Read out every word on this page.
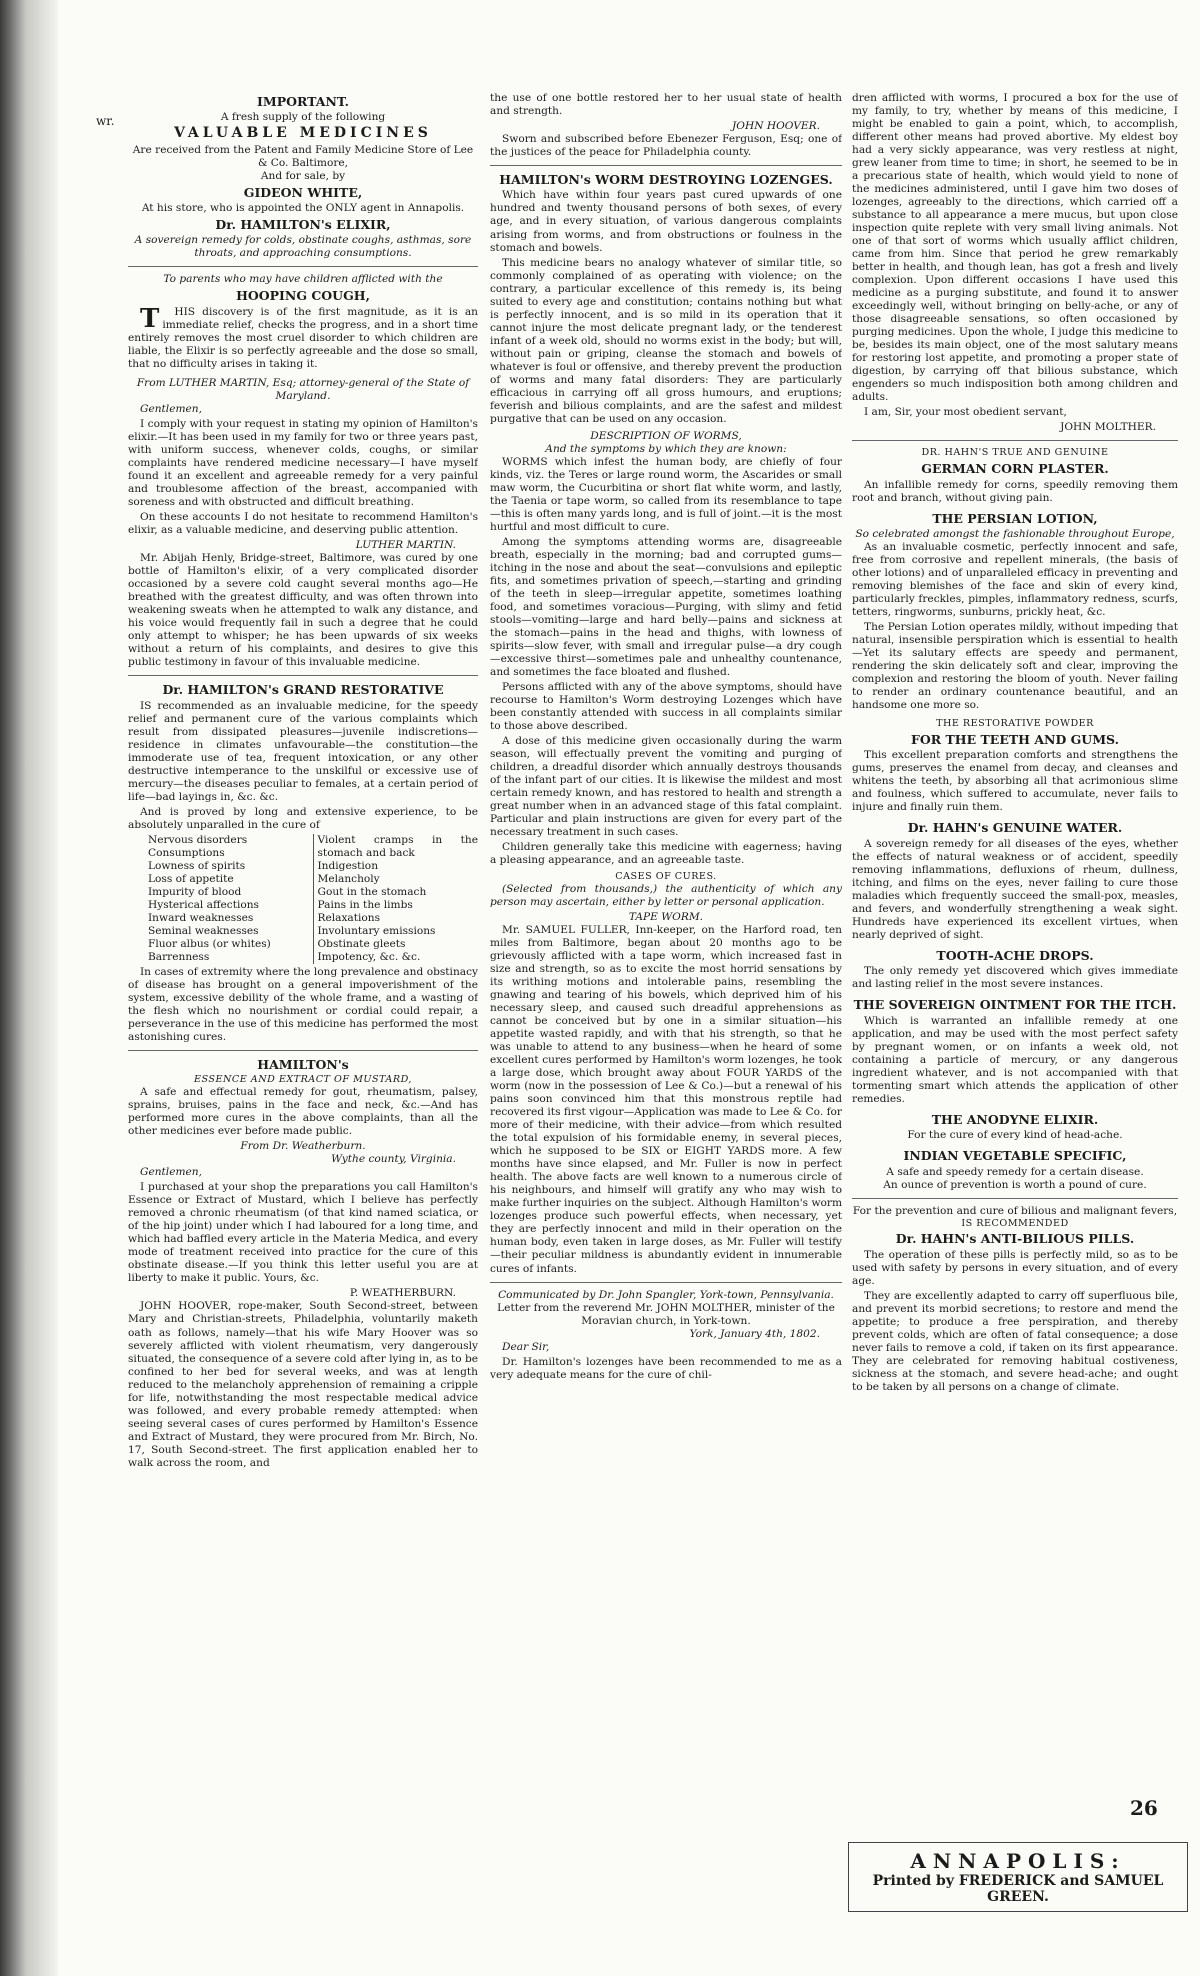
wr.
IMPORTANT.
A fresh supply of the following
VALUABLE MEDICINES
Are received from the Patent and Family Medicine Store of Lee & Co. Baltimore,
And for sale, by
GIDEON WHITE,
At his store, who is appointed the ONLY agent in Annapolis.
Dr. HAMILTON's ELIXIR,
A sovereign remedy for colds, obstinate coughs, asthmas, sore throats, and approaching consumptions.
To parents who may have children afflicted with the
HOOPING COUGH,

THIS discovery is of the first magnitude, as it is an immediate relief, checks the progress, and in a short time entirely removes the most cruel disorder to which children are liable, the Elixir is so perfectly agreeable and the dose so small, that no difficulty arises in taking it.

From LUTHER MARTIN, Esq; attorney-general of the State of Maryland.

Gentlemen,

I comply with your request in stating my opinion of Hamilton's elixir.—It has been used in my family for two or three years past, with uniform success, whenever colds, coughs, or similar complaints have rendered medicine necessary—I have myself found it an excellent and agreeable remedy for a very painful and troublesome affection of the breast, accompanied with soreness and with obstructed and difficult breathing.

On these accounts I do not hesitate to recommend Hamilton's elixir, as a valuable medicine, and deserving public attention.

LUTHER MARTIN.

Mr. Abijah Henly, Bridge-street, Baltimore, was cured by one bottle of Hamilton's elixir, of a very complicated disorder occasioned by a severe cold caught several months ago—He breathed with the greatest difficulty, and was often thrown into weakening sweats when he attempted to walk any distance, and his voice would frequently fail in such a degree that he could only attempt to whisper; he has been upwards of six weeks without a return of his complaints, and desires to give this public testimony in favour of this invaluable medicine.

Dr. HAMILTON's GRAND RESTORATIVE

IS recommended as an invaluable medicine, for the speedy relief and permanent cure of the various complaints which result from dissipated pleasures—juvenile indiscretions—residence in climates unfavourable—the constitution—the immoderate use of tea, frequent intoxication, or any other destructive intemperance to the unskilful or excessive use of mercury—the diseases peculiar to females, at a certain period of life—bad layings in, &c. &c.

And is proved by long and extensive experience, to be absolutely unparalled in the cure of

Nervous disorders
Consumptions
Lowness of spirits
Loss of appetite
Impurity of blood
Hysterical affections
Inward weaknesses
Seminal weaknesses
Fluor albus (or whites)
Barrenness
Violent cramps in the stomach and back
Indigestion
Melancholy
Gout in the stomach
Pains in the limbs
Relaxations
Involuntary emissions
Obstinate gleets
Impotency, &c. &c.

In cases of extremity where the long prevalence and obstinacy of disease has brought on a general impoverishment of the system, excessive debility of the whole frame, and a wasting of the flesh which no nourishment or cordial could repair, a perseverance in the use of this medicine has performed the most astonishing cures.

HAMILTON's
ESSENCE AND EXTRACT OF MUSTARD,

A safe and effectual remedy for gout, rheumatism, palsey, sprains, bruises, pains in the face and neck, &c.—And has performed more cures in the above complaints, than all the other medicines ever before made public.

From Dr. Weatherburn.
Wythe county, Virginia.

Gentlemen,

I purchased at your shop the preparations you call Hamilton's Essence or Extract of Mustard, which I believe has perfectly removed a chronic rheumatism (of that kind named sciatica, or of the hip joint) under which I had laboured for a long time, and which had baffled every article in the Materia Medica, and every mode of treatment received into practice for the cure of this obstinate disease.—If you think this letter useful you are at liberty to make it public. Yours, &c.

P. WEATHERBURN.

JOHN HOOVER, rope-maker, South Second-street, between Mary and Christian-streets, Philadelphia, voluntarily maketh oath as follows, namely—that his wife Mary Hoover was so severely afflicted with violent rheumatism, very dangerously situated, the consequence of a severe cold after lying in, as to be confined to her bed for several weeks, and was at length reduced to the melancholy apprehension of remaining a cripple for life, notwithstanding the most respectable medical advice was followed, and every probable remedy attempted: when seeing several cases of cures performed by Hamilton's Essence and Extract of Mustard, they were procured from Mr. Birch, No. 17, South Second-street. The first application enabled her to walk across the room, and

the use of one bottle restored her to her usual state of health and strength.

JOHN HOOVER.

Sworn and subscribed before Ebenezer Ferguson, Esq; one of the justices of the peace for Philadelphia county.

HAMILTON's WORM DESTROYING LOZENGES.

Which have within four years past cured upwards of one hundred and twenty thousand persons of both sexes, of every age, and in every situation, of various dangerous complaints arising from worms, and from obstructions or foulness in the stomach and bowels.

This medicine bears no analogy whatever of similar title, so commonly complained of as operating with violence; on the contrary, a particular excellence of this remedy is, its being suited to every age and constitution; contains nothing but what is perfectly innocent, and is so mild in its operation that it cannot injure the most delicate pregnant lady, or the tenderest infant of a week old, should no worms exist in the body; but will, without pain or griping, cleanse the stomach and bowels of whatever is foul or offensive, and thereby prevent the production of worms and many fatal disorders: They are particularly efficacious in carrying off all gross humours, and eruptions; feverish and bilious complaints, and are the safest and mildest purgative that can be used on any occasion.

DESCRIPTION OF WORMS,
And the symptoms by which they are known:

WORMS which infest the human body, are chiefly of four kinds, viz. the Teres or large round worm, the Ascarides or small maw worm, the Cucurbitina or short flat white worm, and lastly, the Taenia or tape worm, so called from its resemblance to tape—this is often many yards long, and is full of joint.—it is the most hurtful and most difficult to cure.

Among the symptoms attending worms are, disagreeable breath, especially in the morning; bad and corrupted gums—itching in the nose and about the seat—convulsions and epileptic fits, and sometimes privation of speech,—starting and grinding of the teeth in sleep—irregular appetite, sometimes loathing food, and sometimes voracious—Purging, with slimy and fetid stools—vomiting—large and hard belly—pains and sickness at the stomach—pains in the head and thighs, with lowness of spirits—slow fever, with small and irregular pulse—a dry cough—excessive thirst—sometimes pale and unhealthy countenance, and sometimes the face bloated and flushed.

Persons afflicted with any of the above symptoms, should have recourse to Hamilton's Worm destroying Lozenges which have been constantly attended with success in all complaints similar to those above described.

A dose of this medicine given occasionally during the warm season, will effectually prevent the vomiting and purging of children, a dreadful disorder which annually destroys thousands of the infant part of our cities. It is likewise the mildest and most certain remedy known, and has restored to health and strength a great number when in an advanced stage of this fatal complaint. Particular and plain instructions are given for every part of the necessary treatment in such cases.

Children generally take this medicine with eagerness; having a pleasing appearance, and an agreeable taste.

CASES OF CURES.

(Selected from thousands,) the authenticity of which any person may ascertain, either by letter or personal application.

TAPE WORM.

Mr. SAMUEL FULLER, Inn-keeper, on the Harford road, ten miles from Baltimore, began about 20 months ago to be grievously afflicted with a tape worm, which increased fast in size and strength, so as to excite the most horrid sensations by its writhing motions and intolerable pains, resembling the gnawing and tearing of his bowels, which deprived him of his necessary sleep, and caused such dreadful apprehensions as cannot be conceived but by one in a similar situation—his appetite wasted rapidly, and with that his strength, so that he was unable to attend to any business—when he heard of some excellent cures performed by Hamilton's worm lozenges, he took a large dose, which brought away about FOUR YARDS of the worm (now in the possession of Lee & Co.)—but a renewal of his pains soon convinced him that this monstrous reptile had recovered its first vigour—Application was made to Lee & Co. for more of their medicine, with their advice—from which resulted the total expulsion of his formidable enemy, in several pieces, which he supposed to be SIX or EIGHT YARDS more. A few months have since elapsed, and Mr. Fuller is now in perfect health. The above facts are well known to a numerous circle of his neighbours, and himself will gratify any who may wish to make further inquiries on the subject. Although Hamilton's worm lozenges produce such powerful effects, when necessary, yet they are perfectly innocent and mild in their operation on the human body, even taken in large doses, as Mr. Fuller will testify—their peculiar mildness is abundantly evident in innumerable cures of infants.

Communicated by Dr. John Spangler, York-town, Pennsylvania.
Letter from the reverend Mr. JOHN MOLTHER, minister of the Moravian church, in York-town.
York, January 4th, 1802.

Dear Sir,

Dr. Hamilton's lozenges have been recommended to me as a very adequate means for the cure of chil-

dren afflicted with worms, I procured a box for the use of my family, to try, whether by means of this medicine, I might be enabled to gain a point, which, to accomplish, different other means had proved abortive. My eldest boy had a very sickly appearance, was very restless at night, grew leaner from time to time; in short, he seemed to be in a precarious state of health, which would yield to none of the medicines administered, until I gave him two doses of lozenges, agreeably to the directions, which carried off a substance to all appearance a mere mucus, but upon close inspection quite replete with very small living animals. Not one of that sort of worms which usually afflict children, came from him. Since that period he grew remarkably better in health, and though lean, has got a fresh and lively complexion. Upon different occasions I have used this medicine as a purging substitute, and found it to answer exceedingly well, without bringing on belly-ache, or any of those disagreeable sensations, so often occasioned by purging medicines. Upon the whole, I judge this medicine to be, besides its main object, one of the most salutary means for restoring lost appetite, and promoting a proper state of digestion, by carrying off that bilious substance, which engenders so much indisposition both among children and adults.

I am, Sir, your most obedient servant,

JOHN MOLTHER.
DR. HAHN'S TRUE AND GENUINE
GERMAN CORN PLASTER.

An infallible remedy for corns, speedily removing them root and branch, without giving pain.

THE PERSIAN LOTION,
So celebrated amongst the fashionable throughout Europe,

As an invaluable cosmetic, perfectly innocent and safe, free from corrosive and repellent minerals, (the basis of other lotions) and of unparalleled efficacy in preventing and removing blemishes of the face and skin of every kind, particularly freckles, pimples, inflammatory redness, scurfs, tetters, ringworms, sunburns, prickly heat, &c.

The Persian Lotion operates mildly, without impeding that natural, insensible perspiration which is essential to health—Yet its salutary effects are speedy and permanent, rendering the skin delicately soft and clear, improving the complexion and restoring the bloom of youth. Never failing to render an ordinary countenance beautiful, and an handsome one more so.

THE RESTORATIVE POWDER
FOR THE TEETH AND GUMS.

This excellent preparation comforts and strengthens the gums, preserves the enamel from decay, and cleanses and whitens the teeth, by absorbing all that acrimonious slime and foulness, which suffered to accumulate, never fails to injure and finally ruin them.

Dr. HAHN's GENUINE WATER.

A sovereign remedy for all diseases of the eyes, whether the effects of natural weakness or of accident, speedily removing inflammations, defluxions of rheum, dullness, itching, and films on the eyes, never failing to cure those maladies which frequently succeed the small-pox, measles, and fevers, and wonderfully strengthening a weak sight. Hundreds have experienced its excellent virtues, when nearly deprived of sight.

TOOTH-ACHE DROPS.

The only remedy yet discovered which gives immediate and lasting relief in the most severe instances.

THE SOVEREIGN OINTMENT FOR THE ITCH.

Which is warranted an infallible remedy at one application, and may be used with the most perfect safety by pregnant women, or on infants a week old, not containing a particle of mercury, or any dangerous ingredient whatever, and is not accompanied with that tormenting smart which attends the application of other remedies.

THE ANODYNE ELIXIR.
For the cure of every kind of head-ache.
INDIAN VEGETABLE SPECIFIC,
A safe and speedy remedy for a certain disease.
An ounce of prevention is worth a pound of cure.
For the prevention and cure of bilious and malignant fevers,
IS RECOMMENDED
Dr. HAHN's ANTI-BILIOUS PILLS.

The operation of these pills is perfectly mild, so as to be used with safety by persons in every situation, and of every age.

They are excellently adapted to carry off superfluous bile, and prevent its morbid secretions; to restore and mend the appetite; to produce a free perspiration, and thereby prevent colds, which are often of fatal consequence; a dose never fails to remove a cold, if taken on its first appearance. They are celebrated for removing habitual costiveness, sickness at the stomach, and severe head-ache; and ought to be taken by all persons on a change of climate.

26
ANNAPOLIS:
Printed by FREDERICK and SAMUEL
GREEN.
